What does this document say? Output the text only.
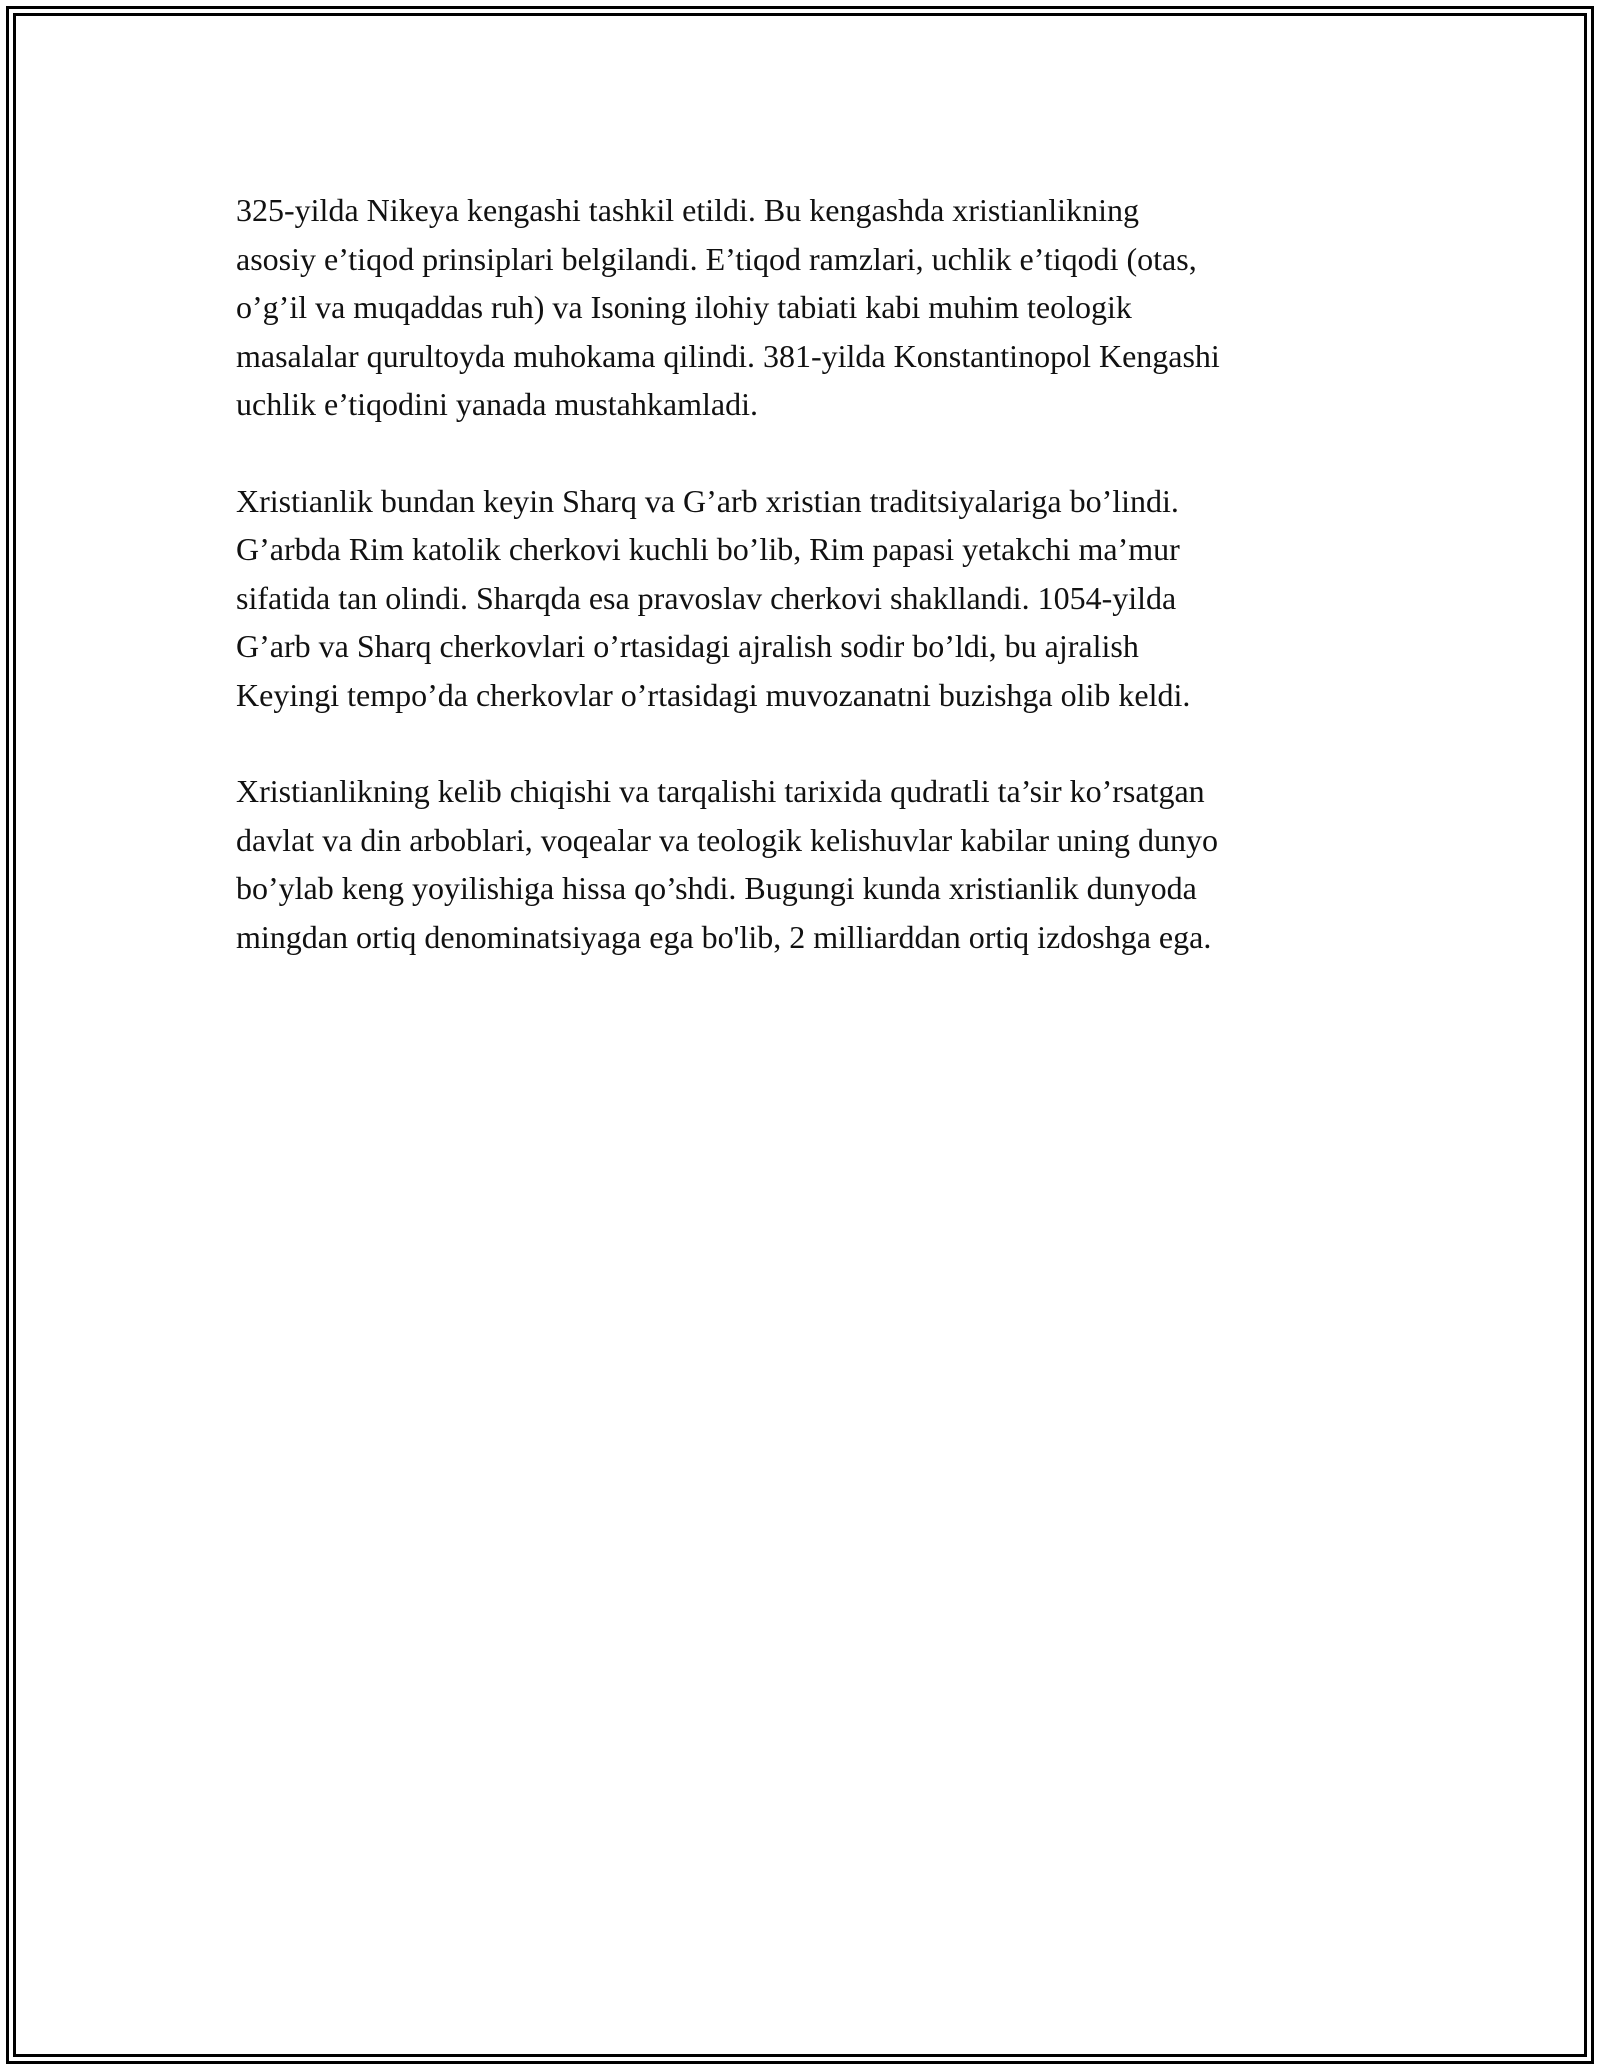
325-yilda Nikeya kengashi tashkil etildi. Bu kengashda xristianlikning
asosiy e’tiqod prinsiplari belgilandi. E’tiqod ramzlari, uchlik e’tiqodi (otas,
o’g’il va muqaddas ruh) va Isoning ilohiy tabiati kabi muhim teologik
masalalar qurultoyda muhokama qilindi. 381-yilda Konstantinopol Kengashi
uchlik e’tiqodini yanada mustahkamladi.

Xristianlik bundan keyin Sharq va G’arb xristian traditsiyalariga bo’lindi.
G’arbda Rim katolik cherkovi kuchli bo’lib, Rim papasi yetakchi ma’mur
sifatida tan olindi. Sharqda esa pravoslav cherkovi shakllandi. 1054-yilda
G’arb va Sharq cherkovlari o’rtasidagi ajralish sodir bo’ldi, bu ajralish
Keyingi tempo’da cherkovlar o’rtasidagi muvozanatni buzishga olib keldi.

Xristianlikning kelib chiqishi va tarqalishi tarixida qudratli ta’sir ko’rsatgan
davlat va din arboblari, voqealar va teologik kelishuvlar kabilar uning dunyo
bo’ylab keng yoyilishiga hissa qo’shdi. Bugungi kunda xristianlik dunyoda
mingdan ortiq denominatsiyaga ega bo'lib, 2 milliarddan ortiq izdoshga ega.
